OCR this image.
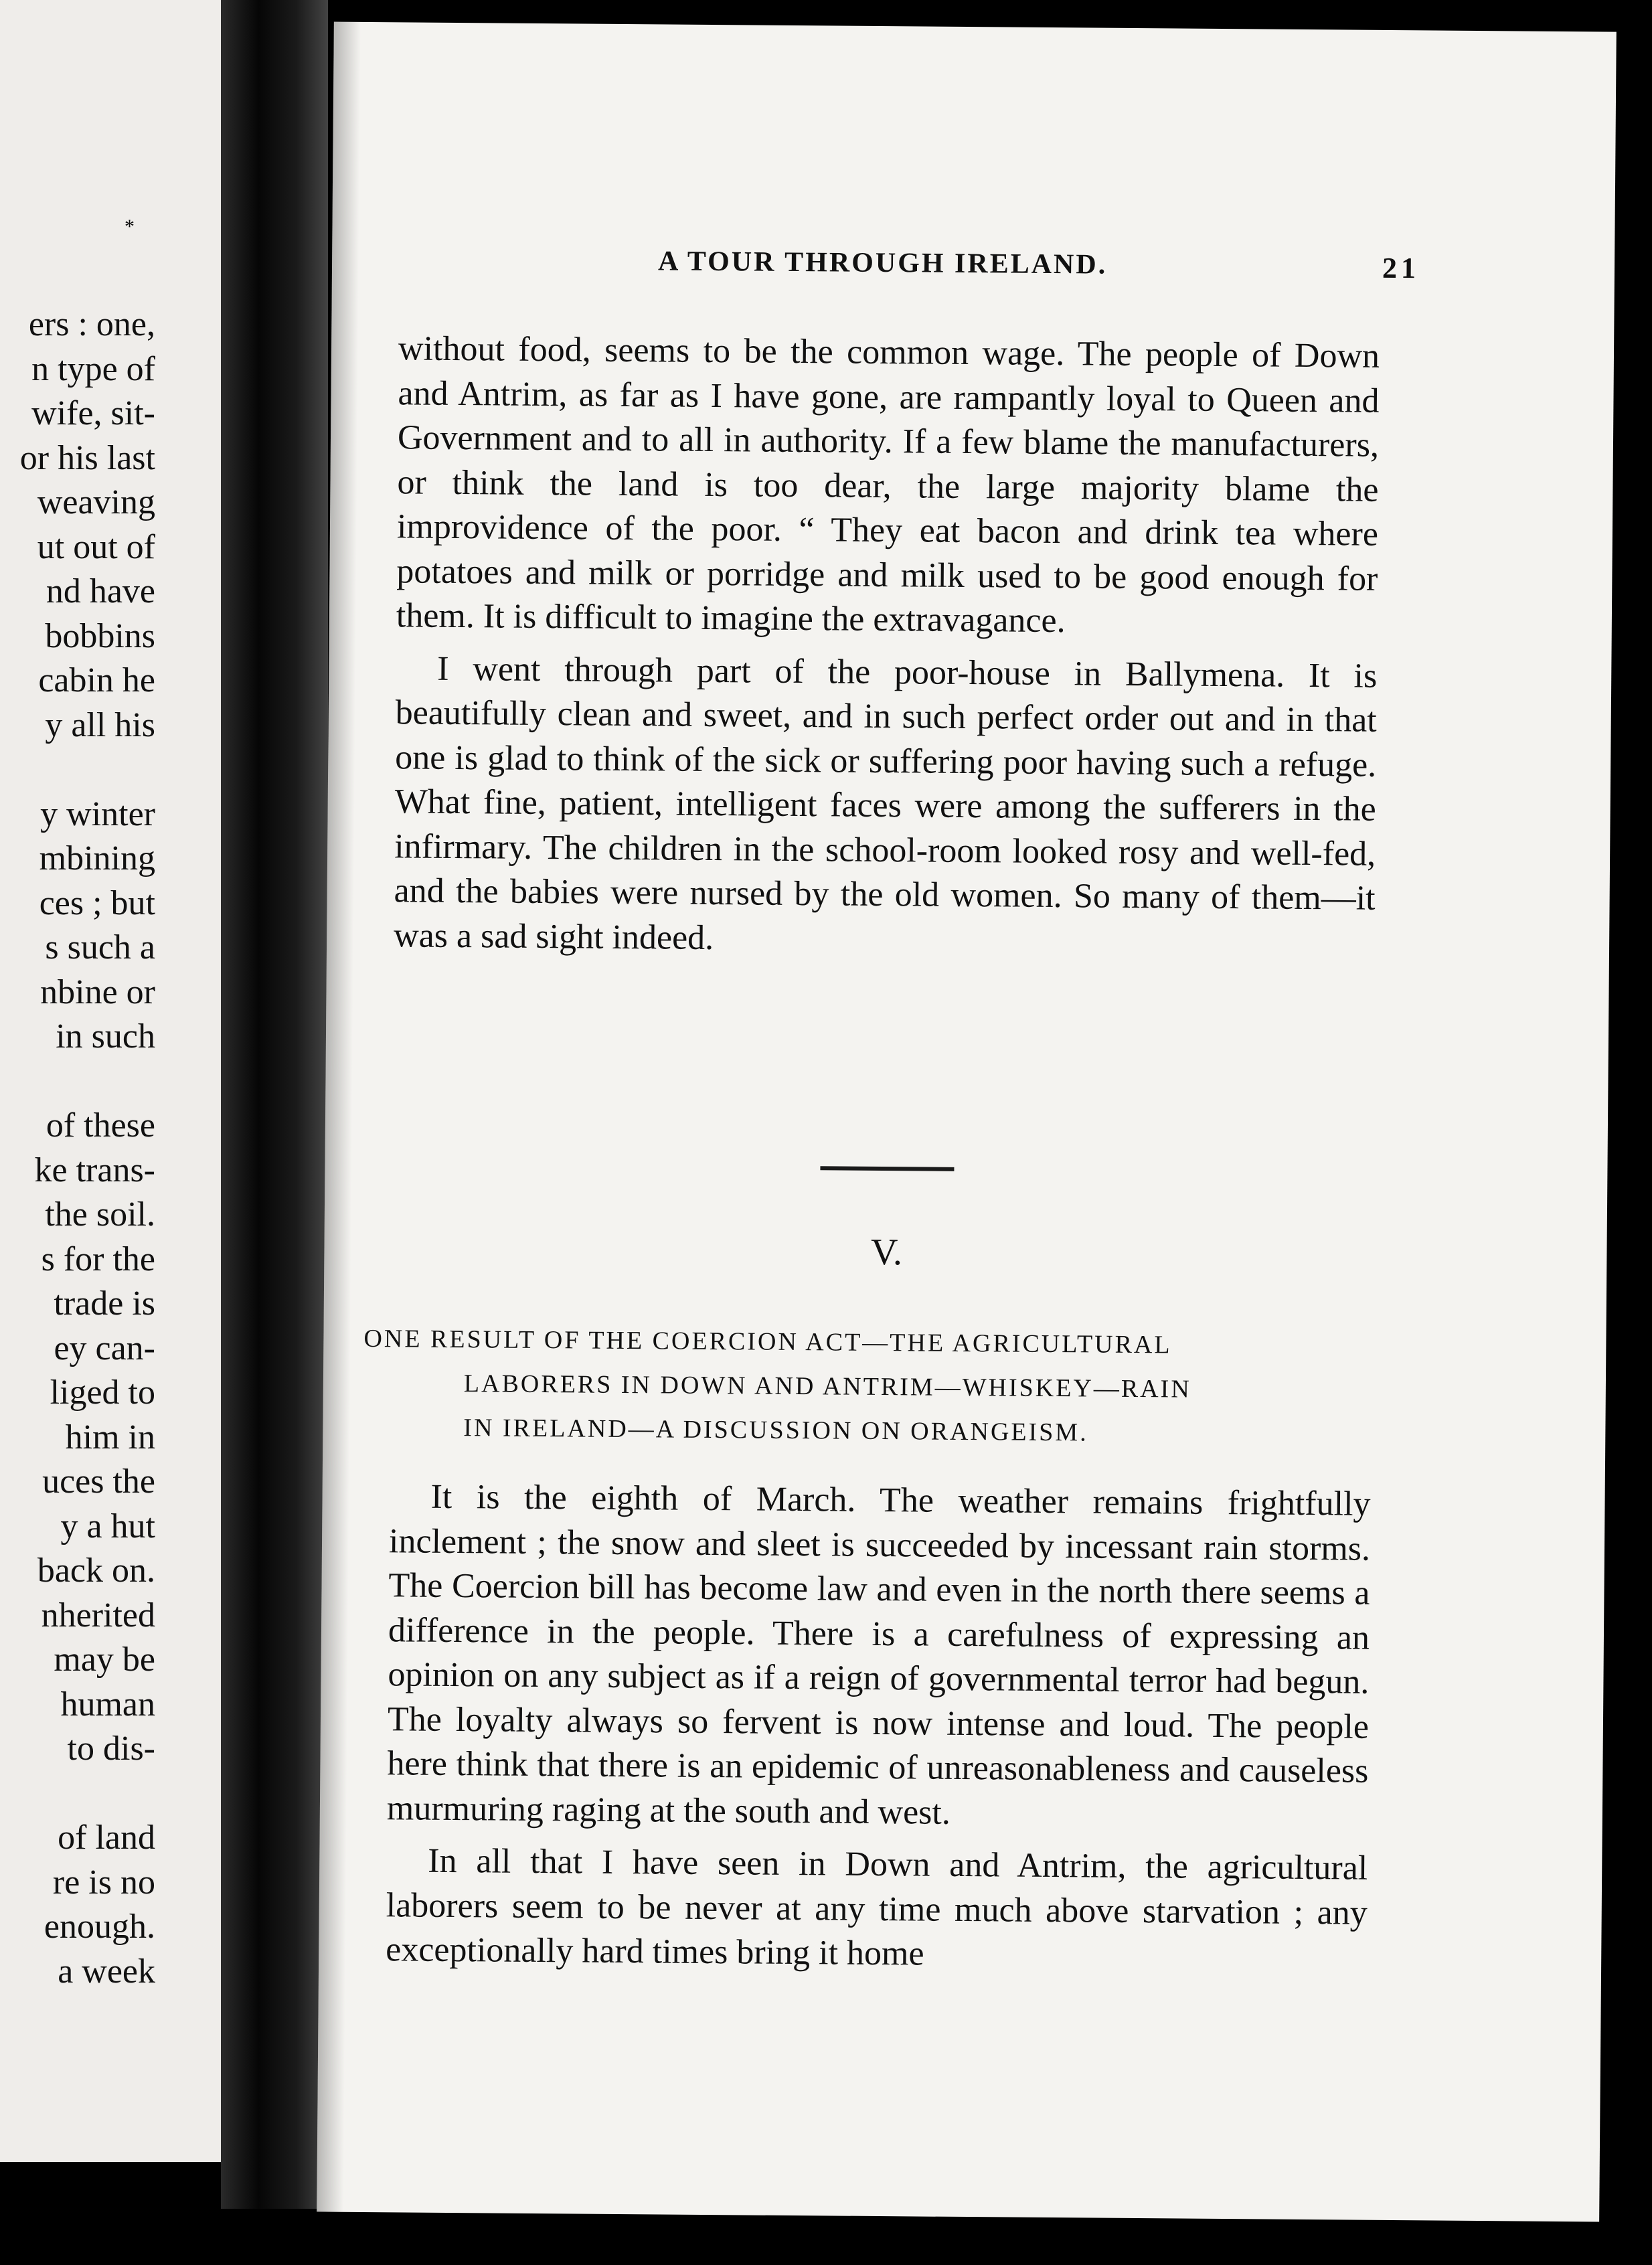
*
ers : one,
n type of
wife, sit-
or his last
weaving
ut out of
nd have
bobbins
cabin he
y all his
y winter
mbining
ces ; but
s such a
nbine or
in such
of these
ke trans-
the soil.
s for the
trade is
ey can-
liged to
him in
uces the
y a hut
back on.
nherited
may be
human
to dis-
of land
re is no
enough.
a week
A TOUR THROUGH IRELAND.	21

without food, seems to be the common wage. The people of Down and Antrim, as far as I have gone, are rampantly loyal to Queen and Government and to all in authority. If a few blame the manufacturers, or think the land is too dear, the large majority blame the improvidence of the poor. “ They eat bacon and drink tea where potatoes and milk or porridge and milk used to be good enough for them. It is difficult to imagine the extravagance.

I went through part of the poor-house in Ballymena. It is beautifully clean and sweet, and in such perfect order out and in that one is glad to think of the sick or suffering poor having such a refuge. What fine, patient, intelligent faces were among the sufferers in the infirmary. The children in the school-room looked rosy and well-fed, and the babies were nursed by the old women. So many of them—it was a sad sight indeed.

V.
ONE RESULT OF THE COERCION ACT—THE AGRICULTURAL
LABORERS IN DOWN AND ANTRIM—WHISKEY—RAIN
IN IRELAND—A DISCUSSION ON ORANGEISM.

It is the eighth of March. The weather remains frightfully inclement ; the snow and sleet is succeeded by incessant rain storms. The Coercion bill has become law and even in the north there seems a difference in the people. There is a carefulness of expressing an opinion on any subject as if a reign of governmental terror had begun. The loyalty always so fervent is now intense and loud. The people here think that there is an epidemic of unreasonableness and causeless murmuring raging at the south and west.

In all that I have seen in Down and Antrim, the agricultural laborers seem to be never at any time much above starvation ; any exceptionally hard times bring it home
